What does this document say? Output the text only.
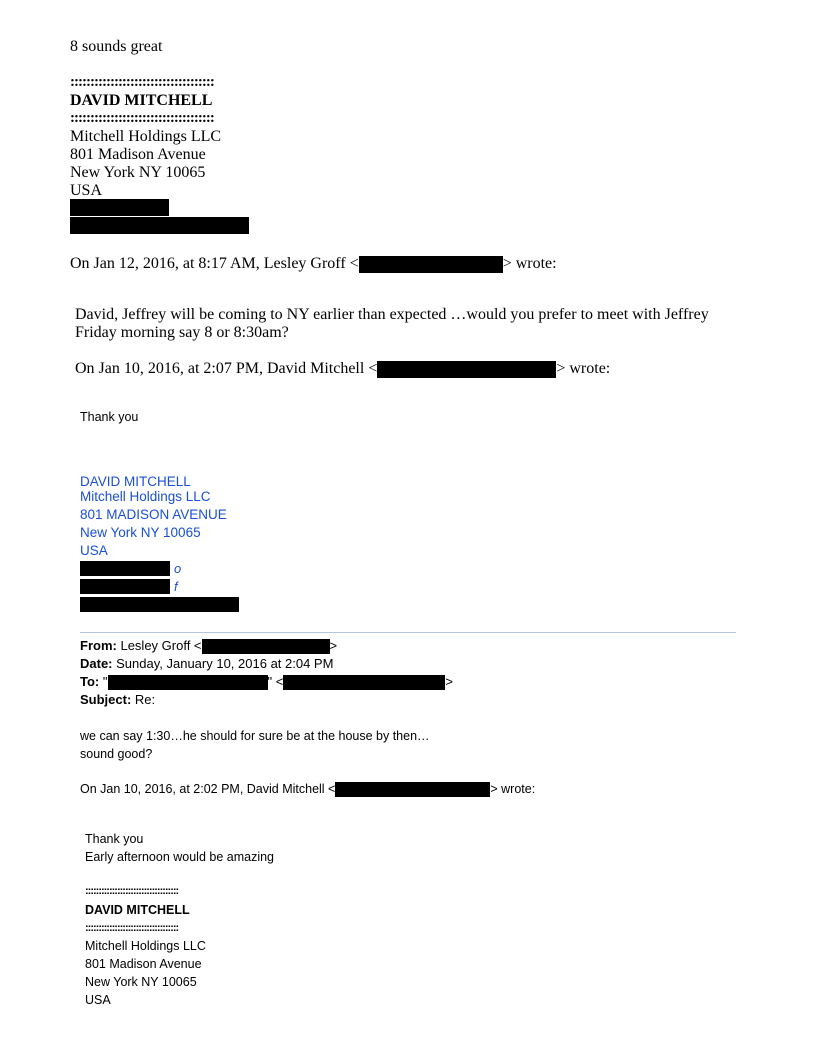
8 sounds great
::::::::::::::::::::::::::::::::::::
DAVID MITCHELL
::::::::::::::::::::::::::::::::::::
Mitchell Holdings LLC
801 Madison Avenue
New York NY 10065
USA
On Jan 12, 2016, at 8:17 AM, Lesley Groff <	> wrote:
David, Jeffrey will be coming to NY earlier than expected …would you prefer to meet with Jeffrey
Friday morning say 8 or 8:30am?
On Jan 10, 2016, at 2:07 PM, David Mitchell <	> wrote:
Thank you
DAVID MITCHELL
Mitchell Holdings LLC
801 MADISON AVENUE
New York NY 10065
USA
o
f
From: Lesley Groff <	>
Date: Sunday, January 10, 2016 at 2:04 PM
To: "	" <	>
Subject: Re:
we can say 1:30…he should for sure be at the house by then…
sound good?
On Jan 10, 2016, at 2:02 PM, David Mitchell <	> wrote:
Thank you
Early afternoon would be amazing
:::::::::::::::::::::::::::::::::::
DAVID MITCHELL
:::::::::::::::::::::::::::::::::::
Mitchell Holdings LLC
801 Madison Avenue
New York NY 10065
USA
